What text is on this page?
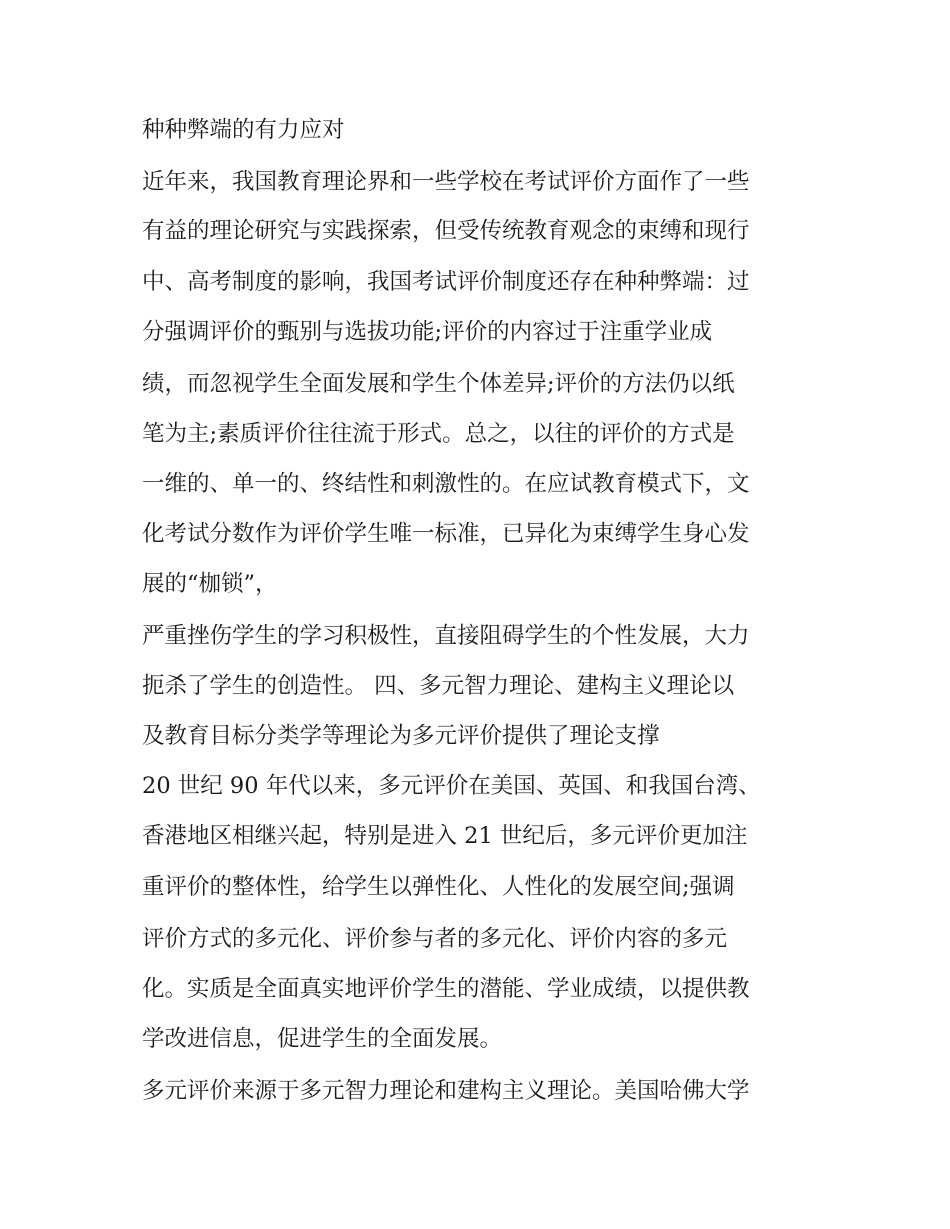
种种弊端的有力应对
近年来，我国教育理论界和一些学校在考试评价方面作了一些
有益的理论研究与实践探索，但受传统教育观念的束缚和现行
中、高考制度的影响，我国考试评价制度还存在种种弊端：过
分强调评价的甄别与选拔功能;评价的内容过于注重学业成
绩，而忽视学生全面发展和学生个体差异;评价的方法仍以纸
笔为主;素质评价往往流于形式。总之，以往的评价的方式是
一维的、单一的、终结性和刺激性的。在应试教育模式下，文
化考试分数作为评价学生唯一标准，已异化为束缚学生身心发
展的“枷锁”，
严重挫伤学生的学习积极性，直接阻碍学生的个性发展，大力
扼杀了学生的创造性。 四、多元智力理论、建构主义理论以
及教育目标分类学等理论为多元评价提供了理论支撑
20 世纪 90 年代以来，多元评价在美国、英国、和我国台湾、
香港地区相继兴起，特别是进入 21 世纪后，多元评价更加注
重评价的整体性，给学生以弹性化、人性化的发展空间;强调
评价方式的多元化、评价参与者的多元化、评价内容的多元
化。实质是全面真实地评价学生的潜能、学业成绩，以提供教
学改进信息，促进学生的全面发展。
多元评价来源于多元智力理论和建构主义理论。美国哈佛大学
